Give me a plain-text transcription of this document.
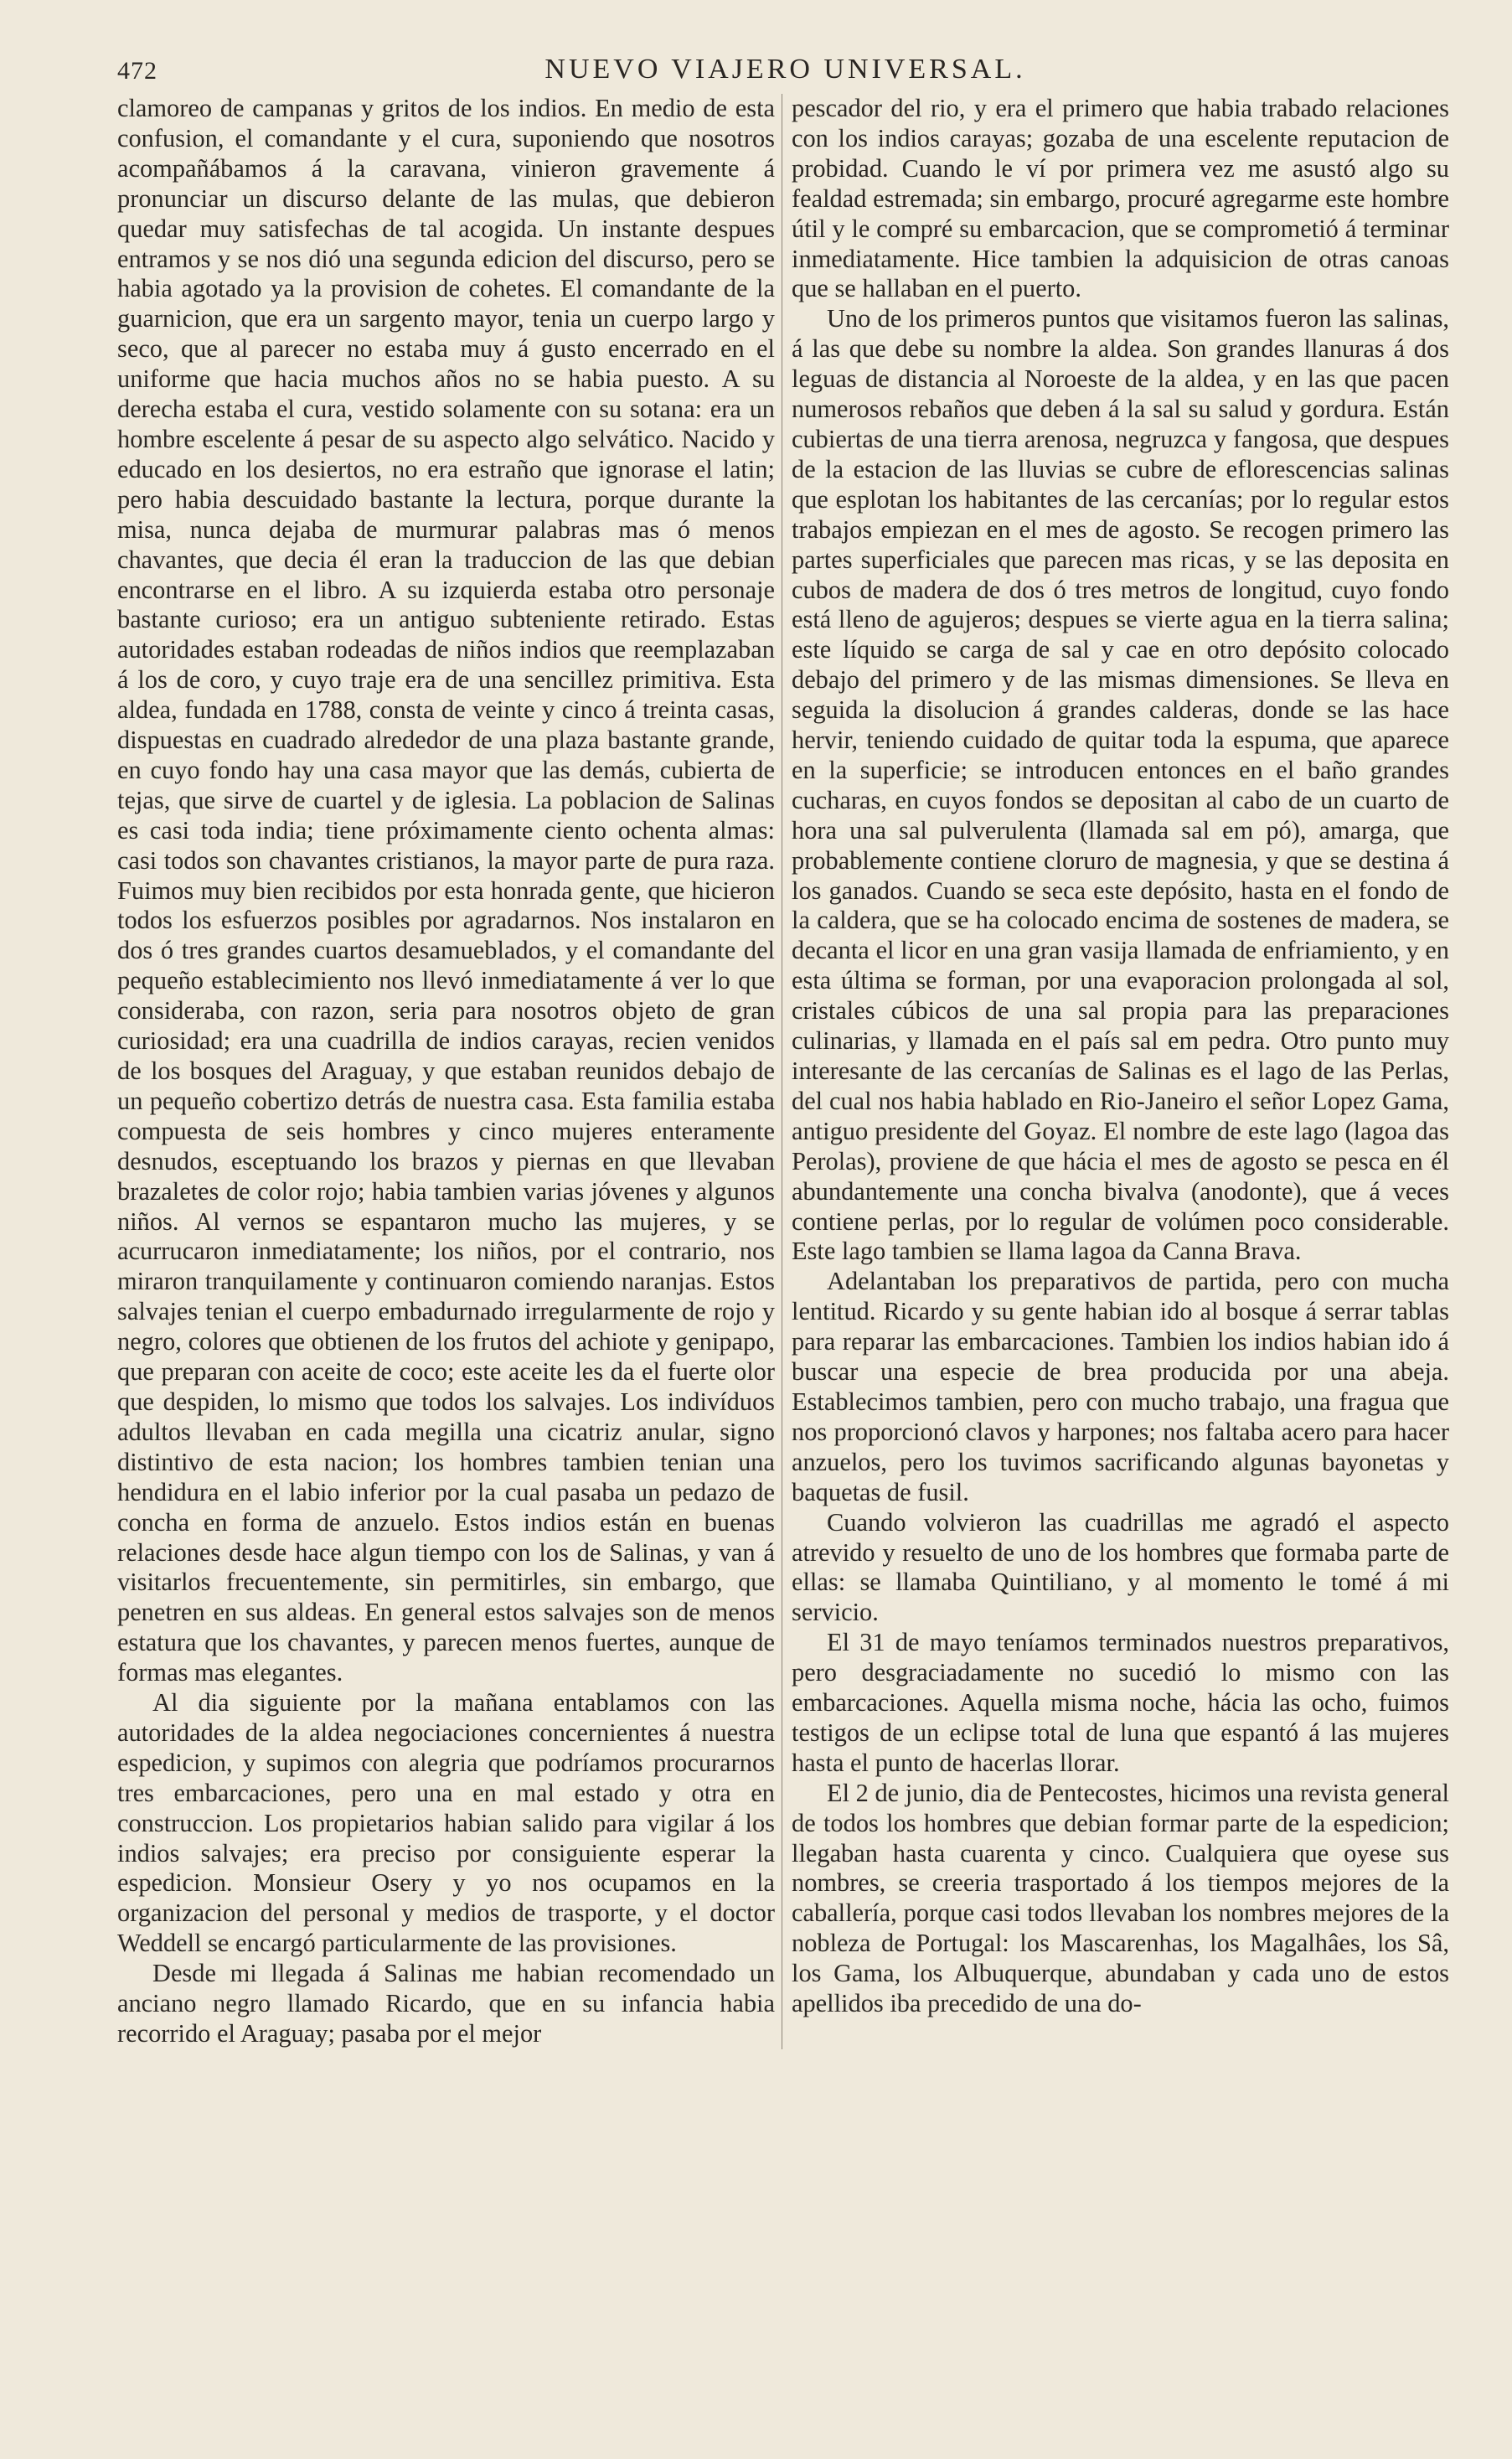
472	NUEVO VIAJERO UNIVERSAL.

clamoreo de campanas y gritos de los indios. En medio de esta confusion, el comandante y el cura, suponiendo que nosotros acompañábamos á la caravana, vinieron gravemente á pronunciar un discurso delante de las mulas, que debieron quedar muy satisfechas de tal acogida. Un instante despues entramos y se nos dió una segunda edicion del discurso, pero se habia agotado ya la provision de cohetes. El comandante de la guarnicion, que era un sargento mayor, tenia un cuerpo largo y seco, que al parecer no estaba muy á gusto encerrado en el uniforme que hacia muchos años no se habia puesto. A su derecha estaba el cura, vestido solamente con su sotana: era un hombre escelente á pesar de su aspecto algo selvático. Nacido y educado en los desiertos, no era estraño que ignorase el latin; pero habia descuidado bastante la lectura, porque durante la misa, nunca dejaba de murmurar palabras mas ó menos chavantes, que decia él eran la traduccion de las que debian encontrarse en el libro. A su izquierda estaba otro personaje bastante curioso; era un antiguo subteniente retirado. Estas autoridades estaban rodeadas de niños indios que reemplazaban á los de coro, y cuyo traje era de una sencillez primitiva. Esta aldea, fundada en 1788, consta de veinte y cinco á treinta casas, dispuestas en cuadrado alrededor de una plaza bastante grande, en cuyo fondo hay una casa mayor que las demás, cubierta de tejas, que sirve de cuartel y de iglesia. La poblacion de Salinas es casi toda india; tiene próximamente ciento ochenta almas: casi todos son chavantes cristianos, la mayor parte de pura raza. Fuimos muy bien recibidos por esta honrada gente, que hicieron todos los esfuerzos posibles por agradarnos. Nos instalaron en dos ó tres grandes cuartos desamueblados, y el comandante del pequeño establecimiento nos llevó inmediatamente á ver lo que consideraba, con razon, seria para nosotros objeto de gran curiosidad; era una cuadrilla de indios carayas, recien venidos de los bosques del Araguay, y que estaban reunidos debajo de un pequeño cobertizo detrás de nuestra casa. Esta familia estaba compuesta de seis hombres y cinco mujeres enteramente desnudos, esceptuando los brazos y piernas en que llevaban brazaletes de color rojo; habia tambien varias jóvenes y algunos niños. Al vernos se espantaron mucho las mujeres, y se acurrucaron inmediatamente; los niños, por el contrario, nos miraron tranquilamente y continuaron comiendo naranjas. Estos salvajes tenian el cuerpo embadurnado irregularmente de rojo y negro, colores que obtienen de los frutos del achiote y genipapo, que preparan con aceite de coco; este aceite les da el fuerte olor que despiden, lo mismo que todos los salvajes. Los indivíduos adultos llevaban en cada megilla una cicatriz anular, signo distintivo de esta nacion; los hombres tambien tenian una hendidura en el labio inferior por la cual pasaba un pedazo de concha en forma de anzuelo. Estos indios están en buenas relaciones desde hace algun tiempo con los de Salinas, y van á visitarlos frecuentemente, sin permitirles, sin embargo, que penetren en sus aldeas. En general estos salvajes son de menos estatura que los chavantes, y parecen menos fuertes, aunque de formas mas elegantes.

Al dia siguiente por la mañana entablamos con las autoridades de la aldea negociaciones concernientes á nuestra espedicion, y supimos con alegria que podríamos procurarnos tres embarcaciones, pero una en mal estado y otra en construccion. Los propietarios habian salido para vigilar á los indios salvajes; era preciso por consiguiente esperar la espedicion. Monsieur Osery y yo nos ocupamos en la organizacion del personal y medios de trasporte, y el doctor Weddell se encargó particularmente de las provisiones.

Desde mi llegada á Salinas me habian recomendado un anciano negro llamado Ricardo, que en su infancia habia recorrido el Araguay; pasaba por el mejor

pescador del rio, y era el primero que habia trabado relaciones con los indios carayas; gozaba de una escelente reputacion de probidad. Cuando le ví por primera vez me asustó algo su fealdad estremada; sin embargo, procuré agregarme este hombre útil y le compré su embarcacion, que se comprometió á terminar inmediatamente. Hice tambien la adquisicion de otras canoas que se hallaban en el puerto.

Uno de los primeros puntos que visitamos fueron las salinas, á las que debe su nombre la aldea. Son grandes llanuras á dos leguas de distancia al Noroeste de la aldea, y en las que pacen numerosos rebaños que deben á la sal su salud y gordura. Están cubiertas de una tierra arenosa, negruzca y fangosa, que despues de la estacion de las lluvias se cubre de eflorescencias salinas que esplotan los habitantes de las cercanías; por lo regular estos trabajos empiezan en el mes de agosto. Se recogen primero las partes superficiales que parecen mas ricas, y se las deposita en cubos de madera de dos ó tres metros de longitud, cuyo fondo está lleno de agujeros; despues se vierte agua en la tierra salina; este líquido se carga de sal y cae en otro depósito colocado debajo del primero y de las mismas dimensiones. Se lleva en seguida la disolucion á grandes calderas, donde se las hace hervir, teniendo cuidado de quitar toda la espuma, que aparece en la superficie; se introducen entonces en el baño grandes cucharas, en cuyos fondos se depositan al cabo de un cuarto de hora una sal pulverulenta (llamada sal em pó), amarga, que probablemente contiene cloruro de magnesia, y que se destina á los ganados. Cuando se seca este depósito, hasta en el fondo de la caldera, que se ha colocado encima de sostenes de madera, se decanta el licor en una gran vasija llamada de enfriamiento, y en esta última se forman, por una evaporacion prolongada al sol, cristales cúbicos de una sal propia para las preparaciones culinarias, y llamada en el país sal em pedra. Otro punto muy interesante de las cercanías de Salinas es el lago de las Perlas, del cual nos habia hablado en Rio-Janeiro el señor Lopez Gama, antiguo presidente del Goyaz. El nombre de este lago (lagoa das Perolas), proviene de que hácia el mes de agosto se pesca en él abundantemente una concha bivalva (anodonte), que á veces contiene perlas, por lo regular de volúmen poco considerable. Este lago tambien se llama lagoa da Canna Brava.

Adelantaban los preparativos de partida, pero con mucha lentitud. Ricardo y su gente habian ido al bosque á serrar tablas para reparar las embarcaciones. Tambien los indios habian ido á buscar una especie de brea producida por una abeja. Establecimos tambien, pero con mucho trabajo, una fragua que nos proporcionó clavos y harpones; nos faltaba acero para hacer anzuelos, pero los tuvimos sacrificando algunas bayonetas y baquetas de fusil.

Cuando volvieron las cuadrillas me agradó el aspecto atrevido y resuelto de uno de los hombres que formaba parte de ellas: se llamaba Quintiliano, y al momento le tomé á mi servicio.

El 31 de mayo teníamos terminados nuestros preparativos, pero desgraciadamente no sucedió lo mismo con las embarcaciones. Aquella misma noche, hácia las ocho, fuimos testigos de un eclipse total de luna que espantó á las mujeres hasta el punto de hacerlas llorar.

El 2 de junio, dia de Pentecostes, hicimos una revista general de todos los hombres que debian formar parte de la espedicion; llegaban hasta cuarenta y cinco. Cualquiera que oyese sus nombres, se creeria trasportado á los tiempos mejores de la caballería, porque casi todos llevaban los nombres mejores de la nobleza de Portugal: los Mascarenhas, los Magalhâes, los Sâ, los Gama, los Albuquerque, abundaban y cada uno de estos apellidos iba precedido de una do-
